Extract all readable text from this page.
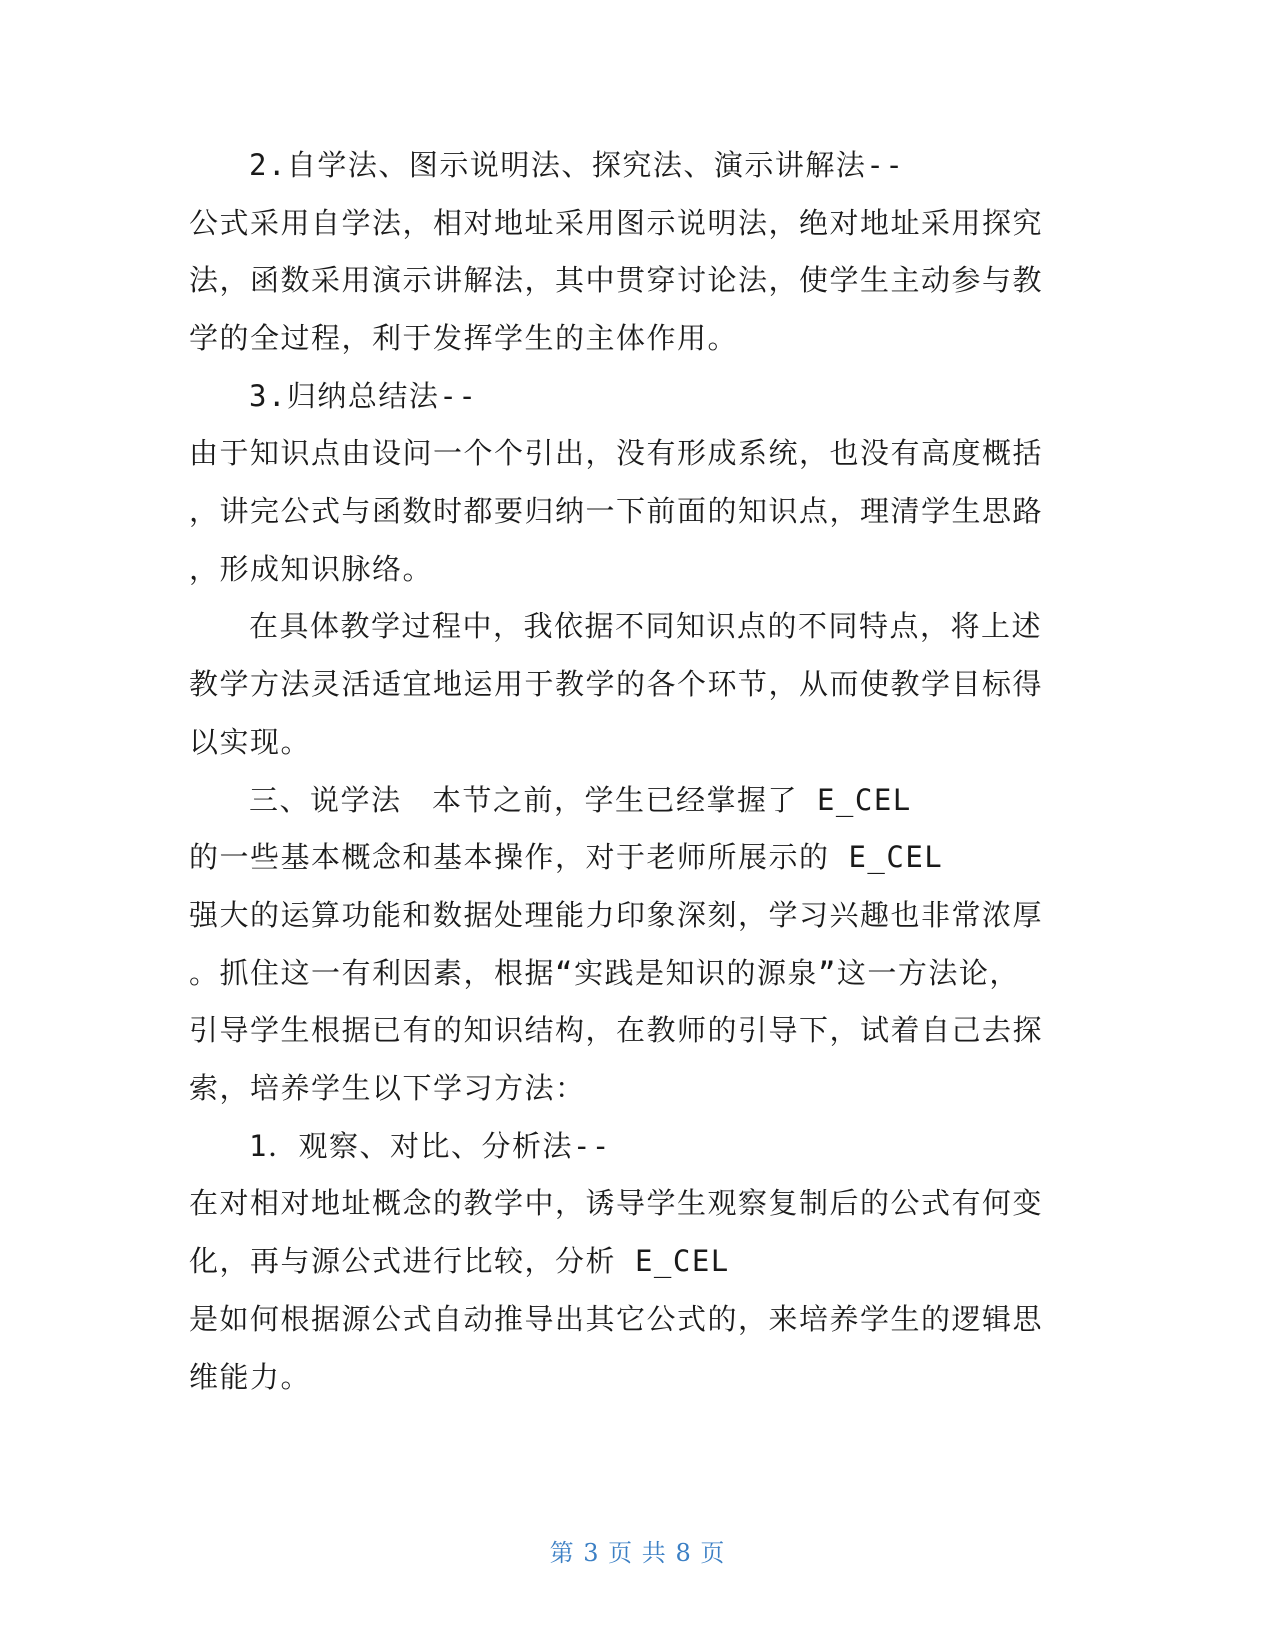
2.自学法、图示说明法、探究法、演示讲解法--
公式采用自学法，相对地址采用图示说明法，绝对地址采用探究
法，函数采用演示讲解法，其中贯穿讨论法，使学生主动参与教
学的全过程，利于发挥学生的主体作用。
3.归纳总结法--
由于知识点由设问一个个引出，没有形成系统，也没有高度概括
，讲完公式与函数时都要归纳一下前面的知识点，理清学生思路
，形成知识脉络。
在具体教学过程中，我依据不同知识点的不同特点，将上述
教学方法灵活适宜地运用于教学的各个环节，从而使教学目标得
以实现。
三、说学法　本节之前，学生已经掌握了 E_CEL
的一些基本概念和基本操作，对于老师所展示的 E_CEL
强大的运算功能和数据处理能力印象深刻，学习兴趣也非常浓厚
。抓住这一有利因素，根据“实践是知识的源泉”这一方法论，
引导学生根据已有的知识结构，在教师的引导下，试着自己去探
索，培养学生以下学习方法：
1．观察、对比、分析法--
在对相对地址概念的教学中，诱导学生观察复制后的公式有何变
化，再与源公式进行比较，分析 E_CEL
是如何根据源公式自动推导出其它公式的，来培养学生的逻辑思
维能力。
第 3 页 共 8 页
